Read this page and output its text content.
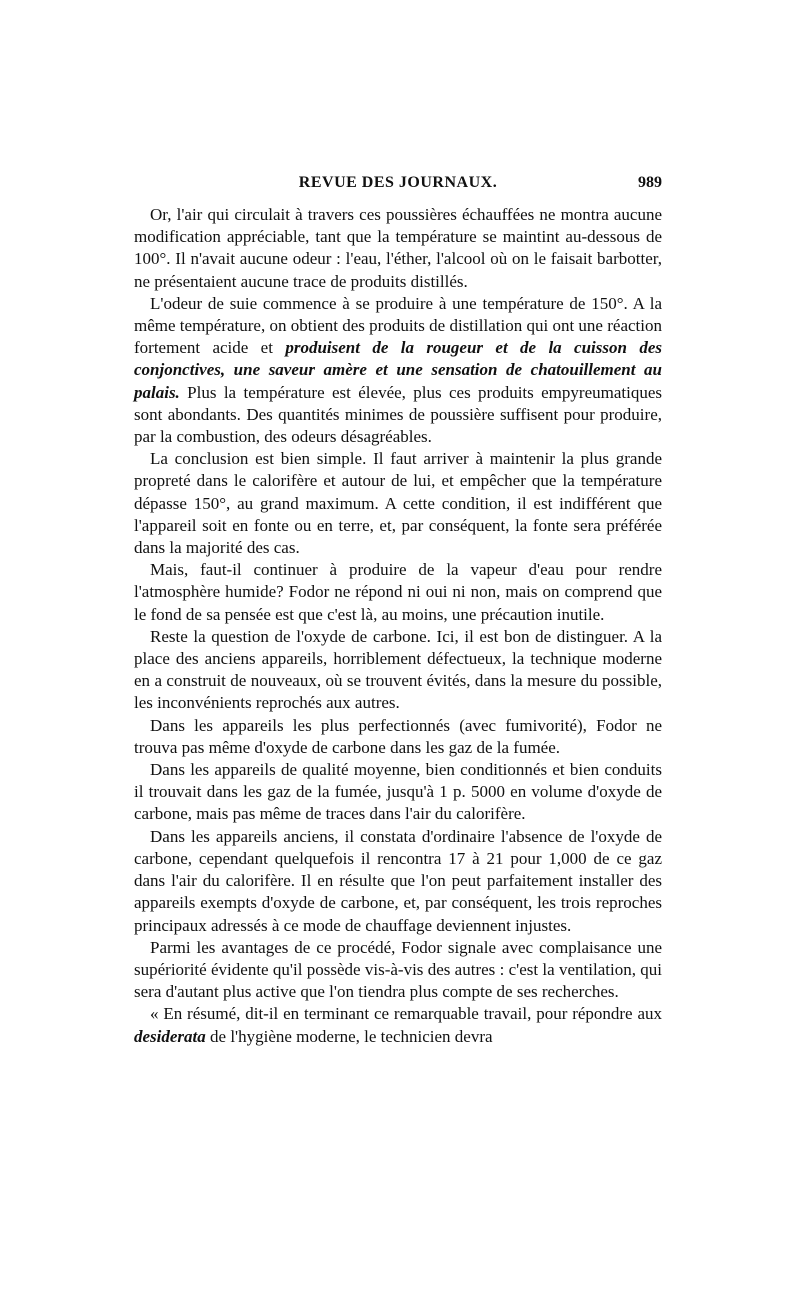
REVUE DES JOURNAUX.	989

Or, l'air qui circulait à travers ces poussières échauffées ne montra aucune modification appréciable, tant que la température se maintint au-dessous de 100°. Il n'avait aucune odeur : l'eau, l'éther, l'alcool où on le faisait barbotter, ne présentaient aucune trace de produits distillés.

L'odeur de suie commence à se produire à une température de 150°. A la même température, on obtient des produits de distillation qui ont une réaction fortement acide et produisent de la rougeur et de la cuisson des conjonctives, une saveur amère et une sensation de chatouillement au palais. Plus la température est élevée, plus ces produits empyreumatiques sont abondants. Des quantités minimes de poussière suffisent pour produire, par la combustion, des odeurs désagréables.

La conclusion est bien simple. Il faut arriver à maintenir la plus grande propreté dans le calorifère et autour de lui, et empêcher que la température dépasse 150°, au grand maximum. A cette condition, il est indifférent que l'appareil soit en fonte ou en terre, et, par conséquent, la fonte sera préférée dans la majorité des cas.

Mais, faut-il continuer à produire de la vapeur d'eau pour rendre l'atmosphère humide? Fodor ne répond ni oui ni non, mais on comprend que le fond de sa pensée est que c'est là, au moins, une précaution inutile.

Reste la question de l'oxyde de carbone. Ici, il est bon de distinguer. A la place des anciens appareils, horriblement défectueux, la technique moderne en a construit de nouveaux, où se trouvent évités, dans la mesure du possible, les inconvénients reprochés aux autres.

Dans les appareils les plus perfectionnés (avec fumivorité), Fodor ne trouva pas même d'oxyde de carbone dans les gaz de la fumée.

Dans les appareils de qualité moyenne, bien conditionnés et bien conduits il trouvait dans les gaz de la fumée, jusqu'à 1 p. 5000 en volume d'oxyde de carbone, mais pas même de traces dans l'air du calorifère.

Dans les appareils anciens, il constata d'ordinaire l'absence de l'oxyde de carbone, cependant quelquefois il rencontra 17 à 21 pour 1,000 de ce gaz dans l'air du calorifère. Il en résulte que l'on peut parfaitement installer des appareils exempts d'oxyde de carbone, et, par conséquent, les trois reproches principaux adressés à ce mode de chauffage deviennent injustes.

Parmi les avantages de ce procédé, Fodor signale avec complaisance une supériorité évidente qu'il possède vis-à-vis des autres : c'est la ventilation, qui sera d'autant plus active que l'on tiendra plus compte de ses recherches.

« En résumé, dit-il en terminant ce remarquable travail, pour répondre aux desiderata de l'hygiène moderne, le technicien devra
